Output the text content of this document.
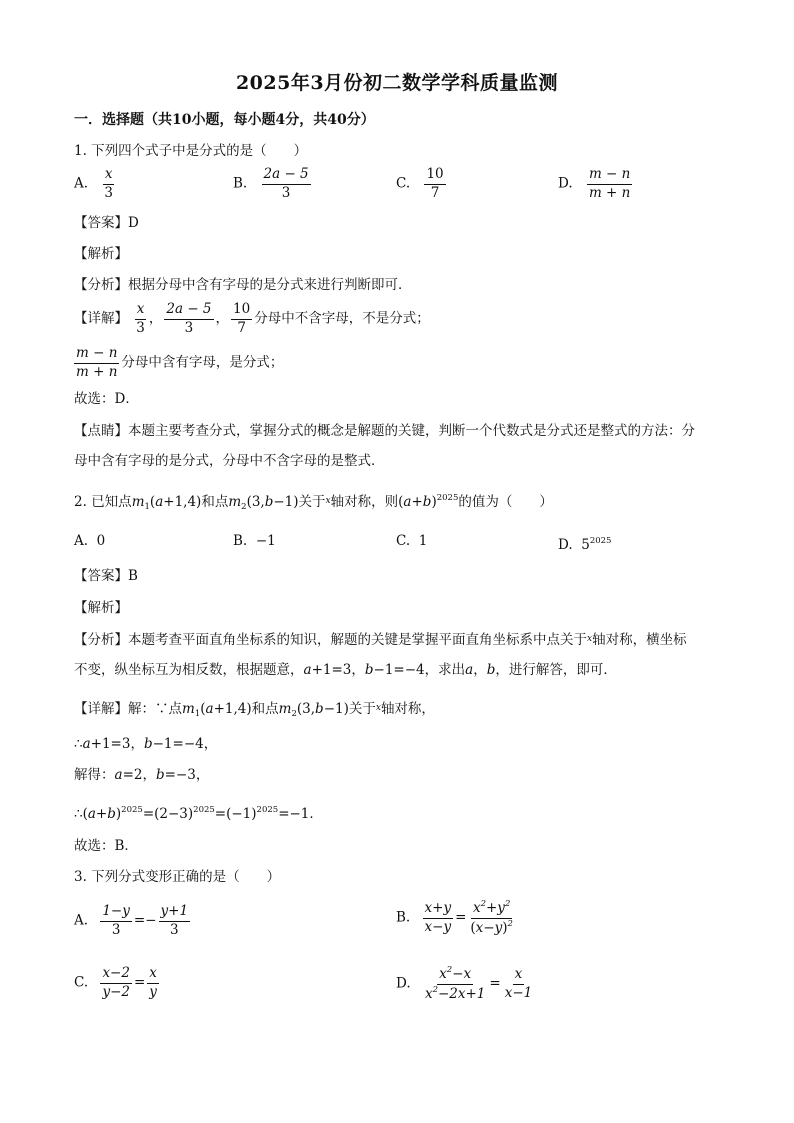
2025年3月份初二数学学科质量监测
一．选择题（共10小题，每小题4分，共40分）
1. 下列四个式子中是分式的是（　　）
A. $\frac{x}{3}$	B. $\frac{2a - 5}{3}$	C. $\frac{10}{7}$	D. $\frac{m - n}{m + n}$
【答案】D
【解析】
【分析】根据分母中含有字母的是分式来进行判断即可．
【详解】 $\frac{x}{3}$ ， $\frac{2a - 5}{3}$ ， $\frac{10}{7}$ 分母中不含字母，不是分式；
$\frac{m - n}{m + n}$ 分母中含有字母，是分式；
故选：D．
【点睛】本题主要考查分式，掌握分式的概念是解题的关键，判断一个代数式是分式还是整式的方法：分
母中含有字母的是分式，分母中不含字母的是整式．
2. 已知点$m_1(a+1,4)$和点$m_2(3,b-1)$关于$^x$轴对称，则$(a+b)^{2025}$的值为（　　）
A. 0	B. −1	C. 1	D. $5^{2025}$
【答案】B
【解析】
【分析】本题考查平面直角坐标系的知识，解题的关键是掌握平面直角坐标系中点关于$^x$轴对称，横坐标
不变，纵坐标互为相反数，根据题意，a+1=3，b−1=−4，求出a，b，进行解答，即可．
【详解】解：∵点$m_1(a+1,4)$和点$m_2(3,b-1)$关于$^x$轴对称，
∴a+1=3，b−1=−4，
解得：a=2，b=−3，
$\therefore(a+b)^{2025}=(2-3)^{2025}=(-1)^{2025}=-1$．
故选：B．
3. 下列分式变形正确的是（　　）
A. $\frac{1-y}{3} =- \frac{y+1}{3}$	B. $\frac{x+y}{x-y} = \frac{x^2+y^2}{(x-y)^2}$
C. $\frac{x-2}{y-2} = \frac{x}{y}$	D. $\frac{x^2-x}{x^2-2x+1} = \frac{x}{x-1}$
